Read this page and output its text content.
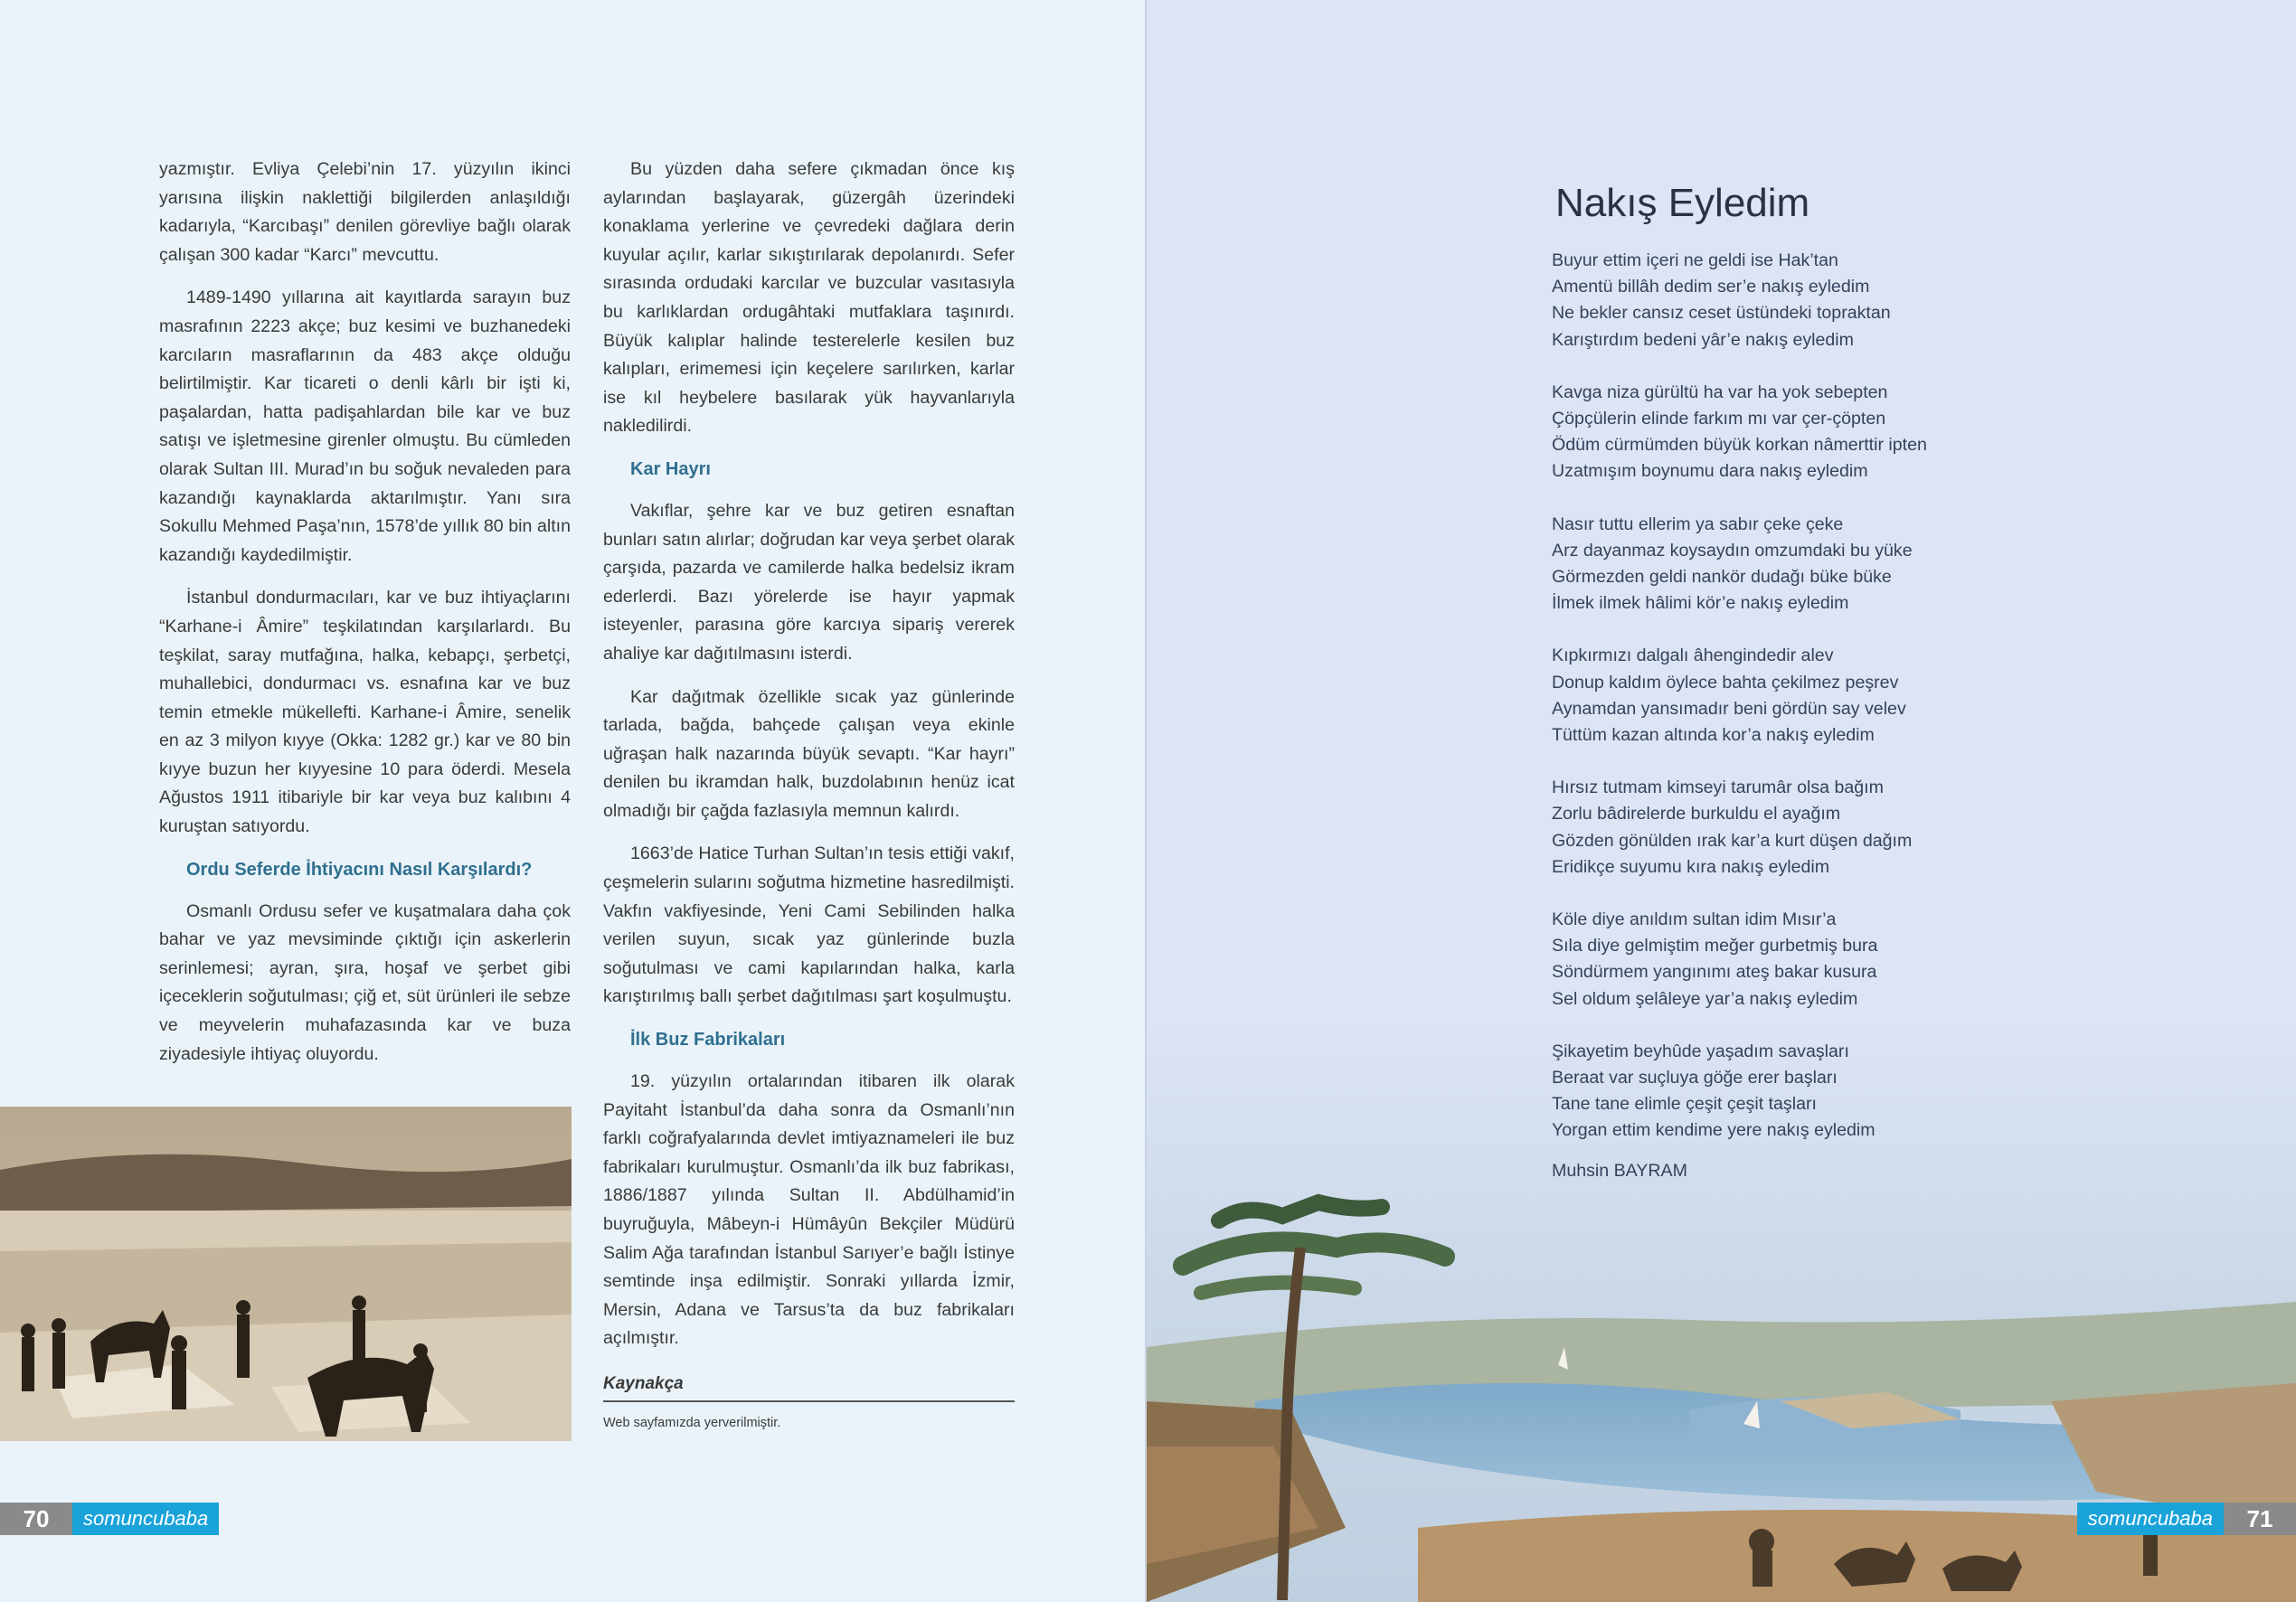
yazmıştır. Evliya Çelebi’nin 17. yüzyılın ikinci yarısına ilişkin naklettiği bilgilerden anlaşıldığı kadarıyla, “Karcıbaşı” denilen görevliye bağlı olarak çalışan 300 kadar “Karcı” mevcuttu.

1489-1490 yıllarına ait kayıtlarda sarayın buz masrafının 2223 akçe; buz kesimi ve buzhanedeki karcıların masraflarının da 483 akçe olduğu belirtilmiştir. Kar ticareti o denli kârlı bir işti ki, paşalardan, hatta padişahlardan bile kar ve buz satışı ve işletmesine girenler olmuştu. Bu cümleden olarak Sultan III. Murad’ın bu soğuk nevaleden para kazandığı kaynaklarda aktarılmıştır. Yanı sıra Sokullu Mehmed Paşa’nın, 1578’de yıllık 80 bin altın kazandığı kaydedilmiştir.

İstanbul dondurmacıları, kar ve buz ihtiyaçlarını “Karhane-i Âmire” teşkilatından karşılarlardı. Bu teşkilat, saray mutfağına, halka, kebapçı, şerbetçi, muhallebici, dondurmacı vs. esnafına kar ve buz temin etmekle mükellefti. Karhane-i Âmire, senelik en az 3 milyon kıyye (Okka: 1282 gr.) kar ve 80 bin kıyye buzun her kıyyesine 10 para öderdi. Mesela Ağustos 1911 itibariyle bir kar veya buz kalıbını 4 kuruştan satıyordu.

Ordu Seferde İhtiyacını Nasıl Karşılardı?

Osmanlı Ordusu sefer ve kuşatmalara daha çok bahar ve yaz mevsiminde çıktığı için askerlerin serinlemesi; ayran, şıra, hoşaf ve şerbet gibi içeceklerin soğutulması; çiğ et, süt ürünleri ile sebze ve meyvelerin muhafazasında kar ve buza ziyadesiyle ihtiyaç oluyordu.

Bu yüzden daha sefere çıkmadan önce kış aylarından başlayarak, güzergâh üzerindeki konaklama yerlerine ve çevredeki dağlara derin kuyular açılır, karlar sıkıştırılarak depolanırdı. Sefer sırasında ordudaki karcılar ve buzcular vasıtasıyla bu karlıklardan ordugâhtaki mutfaklara taşınırdı. Büyük kalıplar halinde testerelerle kesilen buz kalıpları, erimemesi için keçelere sarılırken, karlar ise kıl heybelere basılarak yük hayvanlarıyla nakledilirdi.

Kar Hayrı

Vakıflar, şehre kar ve buz getiren esnaftan bunları satın alırlar; doğrudan kar veya şerbet olarak çarşıda, pazarda ve camilerde halka bedelsiz ikram ederlerdi. Bazı yörelerde ise hayır yapmak isteyenler, parasına göre karcıya sipariş vererek ahaliye kar dağıtılmasını isterdi.

Kar dağıtmak özellikle sıcak yaz günlerinde tarlada, bağda, bahçede çalışan veya ekinle uğraşan halk nazarında büyük sevaptı. “Kar hayrı” denilen bu ikramdan halk, buzdolabının henüz icat olmadığı bir çağda fazlasıyla memnun kalırdı.

1663’de Hatice Turhan Sultan’ın tesis ettiği vakıf, çeşmelerin sularını soğutma hizmetine hasredilmişti. Vakfın vakfiyesinde, Yeni Cami Sebilinden halka verilen suyun, sıcak yaz günlerinde buzla soğutulması ve cami kapılarından halka, karla karıştırılmış ballı şerbet dağıtılması şart koşulmuştu.

İlk Buz Fabrikaları

19. yüzyılın ortalarından itibaren ilk olarak Payitaht İstanbul’da daha sonra da Osmanlı’nın farklı coğrafyalarında devlet imtiyaznameleri ile buz fabrikaları kurulmuştur. Osmanlı’da ilk buz fabrikası, 1886/1887 yılında Sultan II. Abdülhamid’in buyruğuyla, Mâbeyn-i Hümâyûn Bekçiler Müdürü Salim Ağa tarafından İstanbul Sarıyer’e bağlı İstinye semtinde inşa edilmiştir. Sonraki yıllarda İzmir, Mersin, Adana ve Tarsus’ta da buz fabrikaları açılmıştır.

Kaynakça
Web sayfamızda yerverilmiştir.
70	somuncubaba
Nakış Eyledim
Buyur ettim içeri ne geldi ise Hak’tan
Amentü billâh dedim ser’e nakış eyledim
Ne bekler cansız ceset üstündeki topraktan
Karıştırdım bedeni yâr’e nakış eyledim
Kavga niza gürültü ha var ha yok sebepten
Çöpçülerin elinde farkım mı var çer-çöpten
Ödüm cürmümden büyük korkan nâmerttir ipten
Uzatmışım boynumu dara nakış eyledim
Nasır tuttu ellerim ya sabır çeke çeke
Arz dayanmaz koysaydın omzumdaki bu yüke
Görmezden geldi nankör dudağı büke büke
İlmek ilmek hâlimi kör’e nakış eyledim
Kıpkırmızı dalgalı âhengindedir alev
Donup kaldım öylece bahta çekilmez peşrev
Aynamdan yansımadır beni gördün say velev
Tüttüm kazan altında kor’a nakış eyledim
Hırsız tutmam kimseyi tarumâr olsa bağım
Zorlu bâdirelerde burkuldu el ayağım
Gözden gönülden ırak kar’a kurt düşen dağım
Eridikçe suyumu kıra nakış eyledim
Köle diye anıldım sultan idim Mısır’a
Sıla diye gelmiştim meğer gurbetmiş bura
Söndürmem yangınımı ateş bakar kusura
Sel oldum şelâleye yar’a nakış eyledim
Şikayetim beyhûde yaşadım savaşları
Beraat var suçluya göğe erer başları
Tane tane elimle çeşit çeşit taşları
Yorgan ettim kendime yere nakış eyledim
Muhsin BAYRAM
71
somuncubaba
